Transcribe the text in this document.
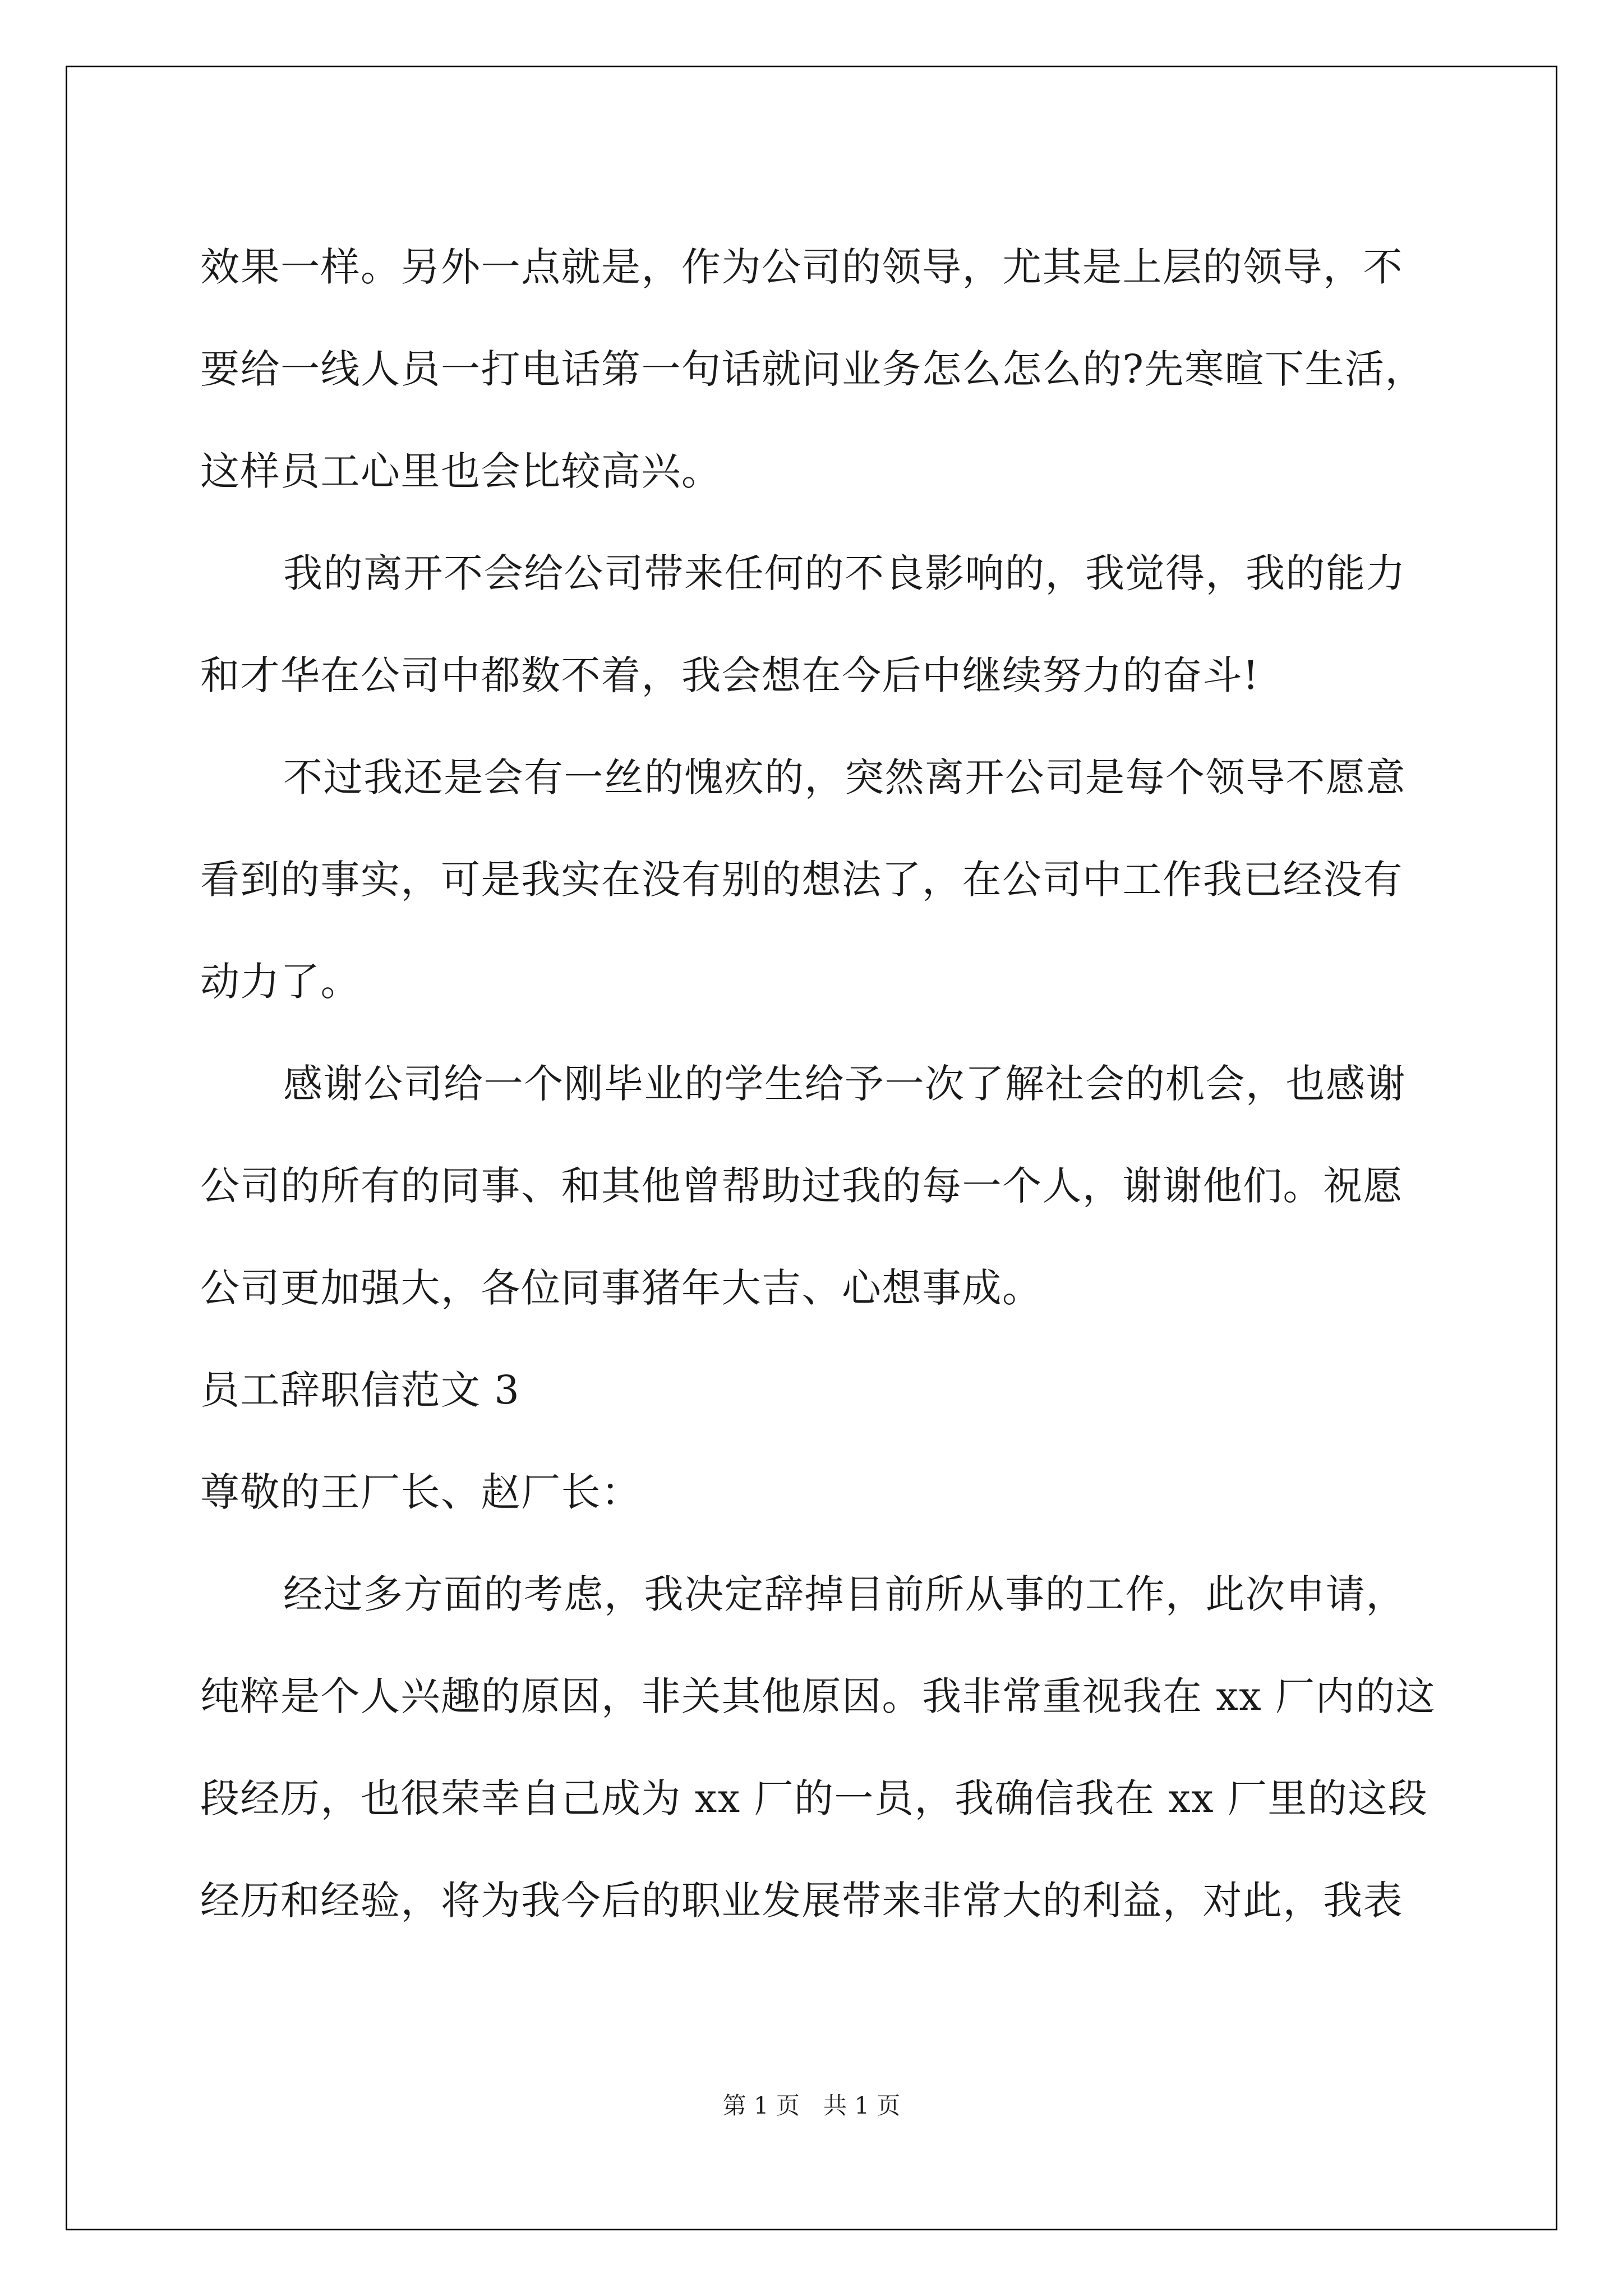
效果一样。另外一点就是，作为公司的领导，尤其是上层的领导，不
要给一线人员一打电话第一句话就问业务怎么怎么的?先寒暄下生活，
这样员工心里也会比较高兴。
我的离开不会给公司带来任何的不良影响的，我觉得，我的能力
和才华在公司中都数不着，我会想在今后中继续努力的奋斗!
不过我还是会有一丝的愧疚的，突然离开公司是每个领导不愿意
看到的事实，可是我实在没有别的想法了，在公司中工作我已经没有
动力了。
感谢公司给一个刚毕业的学生给予一次了解社会的机会，也感谢
公司的所有的同事、和其他曾帮助过我的每一个人，谢谢他们。祝愿
公司更加强大，各位同事猪年大吉、心想事成。
员工辞职信范文 3
尊敬的王厂长、赵厂长：
经过多方面的考虑，我决定辞掉目前所从事的工作，此次申请，
纯粹是个人兴趣的原因，非关其他原因。我非常重视我在 xx 厂内的这
段经历，也很荣幸自己成为 xx 厂的一员，我确信我在 xx 厂里的这段
经历和经验，将为我今后的职业发展带来非常大的利益，对此，我表
第 1 页　共 1 页
